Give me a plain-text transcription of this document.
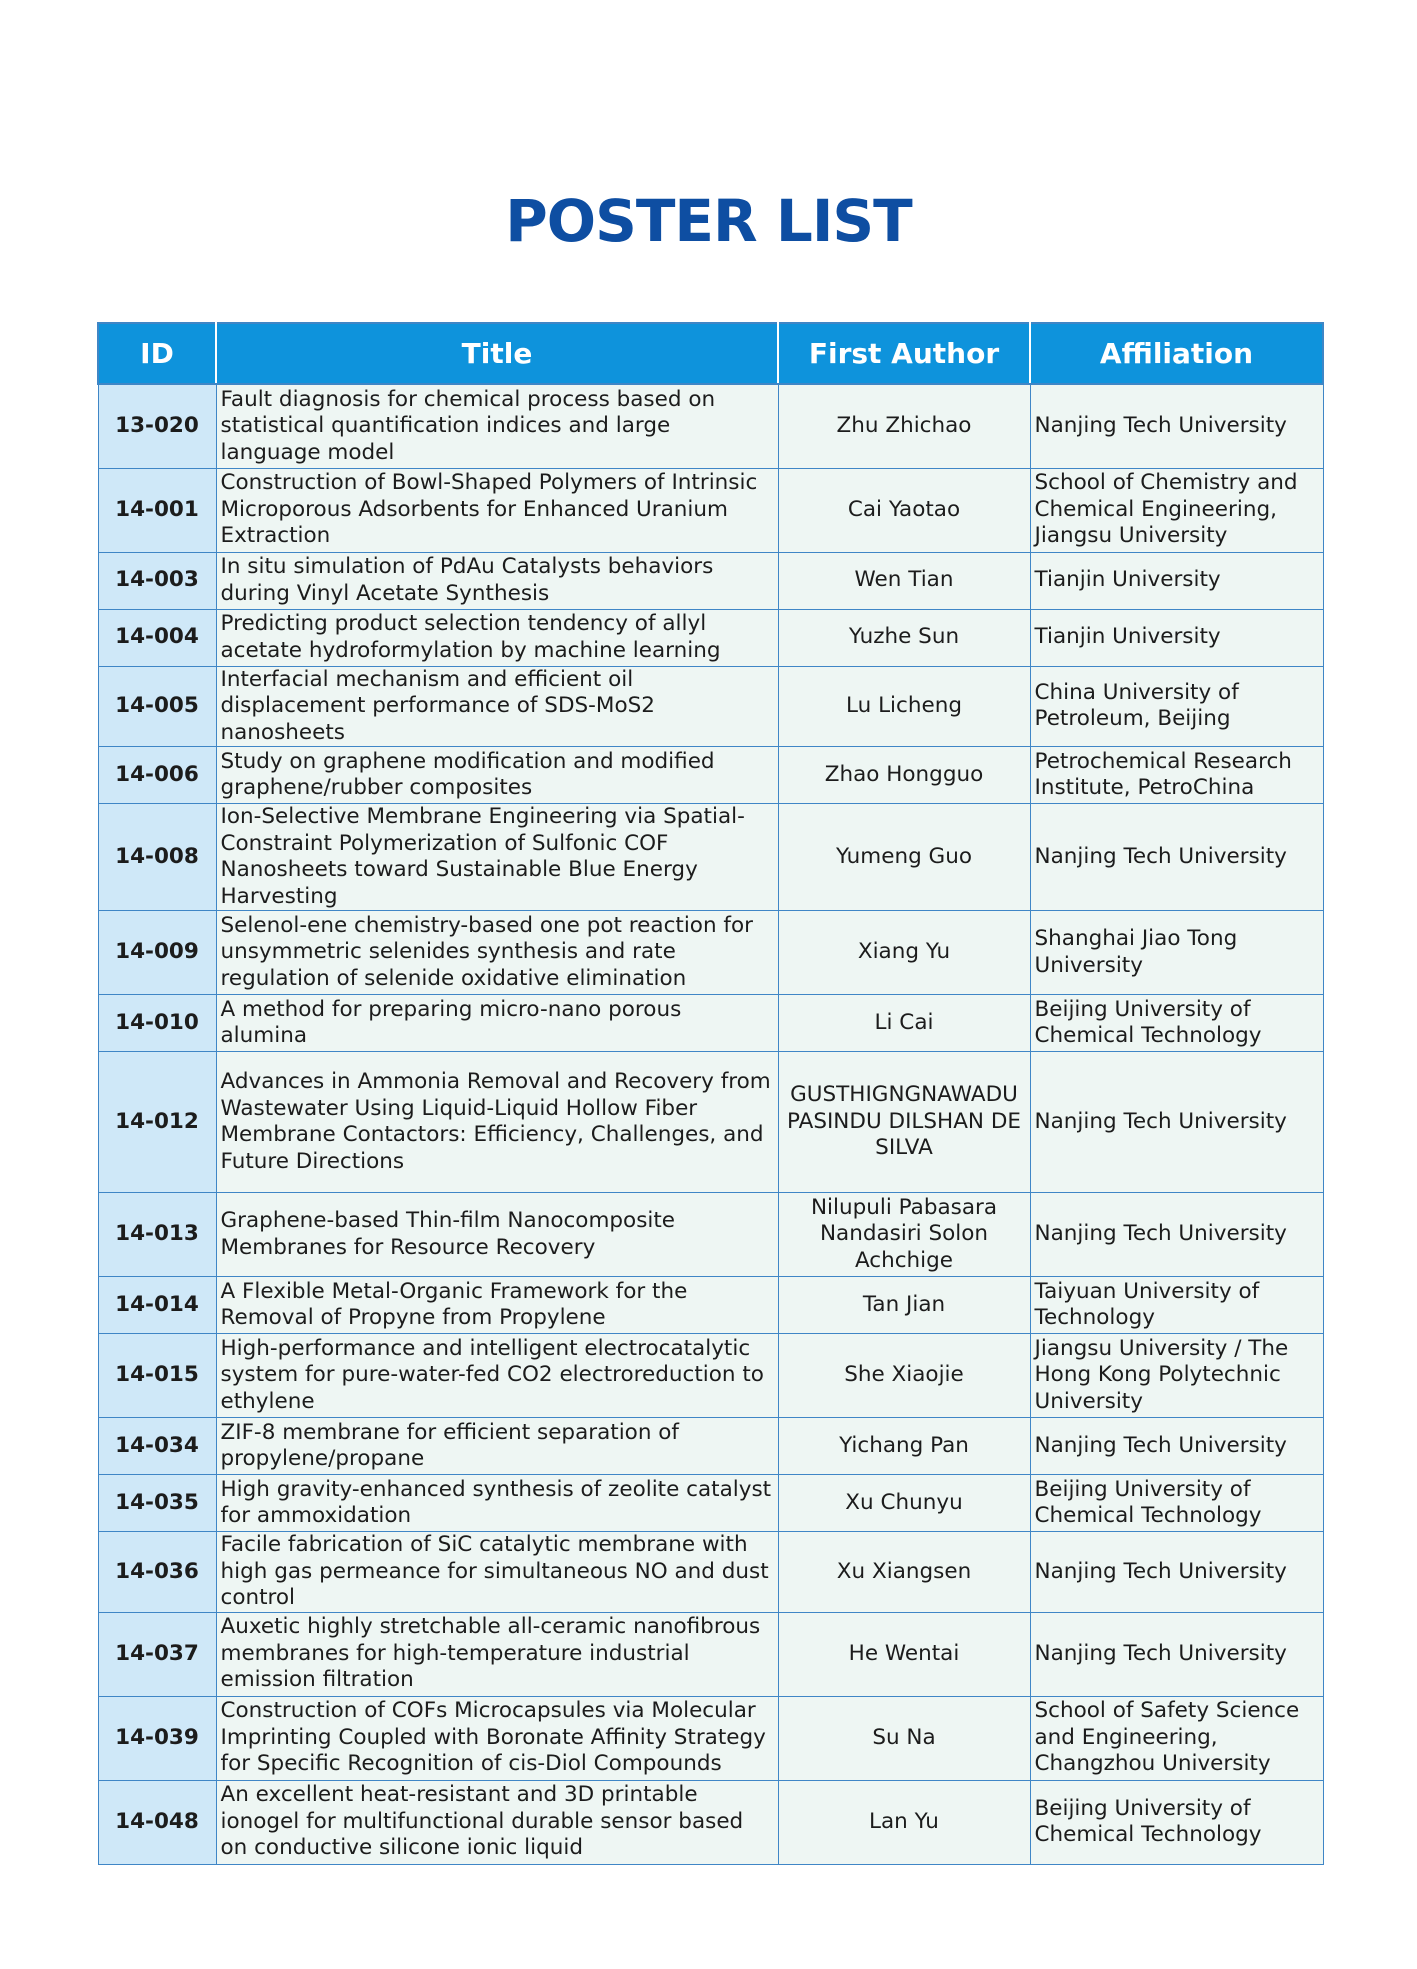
POSTER LIST
ID	Title	First Author	Affiliation
13-020	Fault diagnosis for chemical process based on statistical quantification indices and large language model	Zhu Zhichao	Nanjing Tech University
14-001	Construction of Bowl-Shaped Polymers of Intrinsic Microporous Adsorbents for Enhanced Uranium Extraction	Cai Yaotao	School of Chemistry and Chemical Engineering, Jiangsu University
14-003	In situ simulation of PdAu Catalysts behaviors during Vinyl Acetate Synthesis	Wen Tian	Tianjin University
14-004	Predicting product selection tendency of allyl acetate hydroformylation by machine learning	Yuzhe Sun	Tianjin University
14-005	Interfacial mechanism and efficient oil displacement performance of SDS-MoS2 nanosheets	Lu Licheng	China University of Petroleum, Beijing
14-006	Study on graphene modification and modified graphene/rubber composites	Zhao Hongguo	Petrochemical Research Institute, PetroChina
14-008	Ion-Selective Membrane Engineering via Spatial-Constraint Polymerization of Sulfonic COF Nanosheets toward Sustainable Blue Energy Harvesting	Yumeng Guo	Nanjing Tech University
14-009	Selenol-ene chemistry-based one pot reaction for unsymmetric selenides synthesis and rate regulation of selenide oxidative elimination	Xiang Yu	Shanghai Jiao Tong University
14-010	A method for preparing micro-nano porous alumina	Li Cai	Beijing University of Chemical Technology
14-012	Advances in Ammonia Removal and Recovery from Wastewater Using Liquid-Liquid Hollow Fiber Membrane Contactors: Efficiency, Challenges, and Future Directions	GUSTHIGNGNAWADU PASINDU DILSHAN DE SILVA	Nanjing Tech University
14-013	Graphene-based Thin-film Nanocomposite Membranes for Resource Recovery	Nilupuli Pabasara Nandasiri Solon Achchige	Nanjing Tech University
14-014	A Flexible Metal-Organic Framework for the Removal of Propyne from Propylene	Tan Jian	Taiyuan University of Technology
14-015	High-performance and intelligent electrocatalytic system for pure-water-fed CO2 electroreduction to ethylene	She Xiaojie	Jiangsu University / The Hong Kong Polytechnic University
14-034	ZIF-8 membrane for efficient separation of propylene/propane	Yichang Pan	Nanjing Tech University
14-035	High gravity-enhanced synthesis of zeolite catalyst for ammoxidation	Xu Chunyu	Beijing University of Chemical Technology
14-036	Facile fabrication of SiC catalytic membrane with high gas permeance for simultaneous NO and dust control	Xu Xiangsen	Nanjing Tech University
14-037	Auxetic highly stretchable all-ceramic nanofibrous membranes for high-temperature industrial emission filtration	He Wentai	Nanjing Tech University
14-039	Construction of COFs Microcapsules via Molecular Imprinting Coupled with Boronate Affinity Strategy for Specific Recognition of cis-Diol Compounds	Su Na	School of Safety Science and Engineering, Changzhou University
14-048	An excellent heat-resistant and 3D printable ionogel for multifunctional durable sensor based on conductive silicone ionic liquid	Lan Yu	Beijing University of Chemical Technology
